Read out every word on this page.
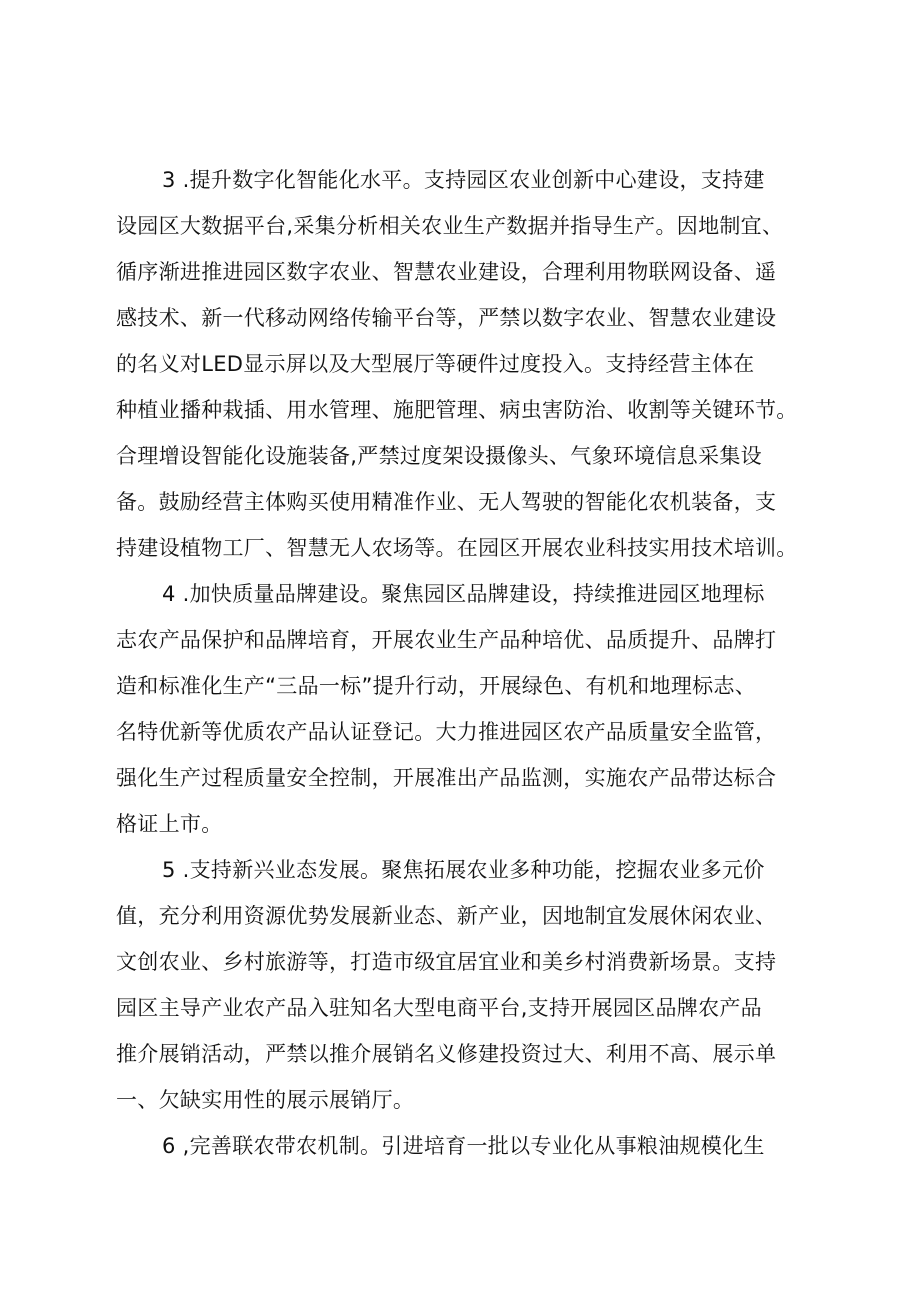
3 .提升数字化智能化水平。支持园区农业创新中心建设，支持建
设园区大数据平台,采集分析相关农业生产数据并指导生产。因地制宜、
循序渐进推进园区数字农业、智慧农业建设，合理利用物联网设备、遥
感技术、新一代移动网络传输平台等，严禁以数字农业、智慧农业建设
的名义对LED显示屏以及大型展厅等硬件过度投入。支持经营主体在
种植业播种栽插、用水管理、施肥管理、病虫害防治、收割等关键环节。
合理增设智能化设施装备,严禁过度架设摄像头、气象环境信息采集设
备。鼓励经营主体购买使用精准作业、无人驾驶的智能化农机装备，支
持建设植物工厂、智慧无人农场等。在园区开展农业科技实用技术培训。
4 .加快质量品牌建设。聚焦园区品牌建设，持续推进园区地理标
志农产品保护和品牌培育，开展农业生产品种培优、品质提升、品牌打
造和标准化生产“三品一标”提升行动，开展绿色、有机和地理标志、
名特优新等优质农产品认证登记。大力推进园区农产品质量安全监管，
强化生产过程质量安全控制，开展准出产品监测，实施农产品带达标合
格证上市。
5 .支持新兴业态发展。聚焦拓展农业多种功能，挖掘农业多元价
值，充分利用资源优势发展新业态、新产业，因地制宜发展休闲农业、
文创农业、乡村旅游等，打造市级宜居宜业和美乡村消费新场景。支持
园区主导产业农产品入驻知名大型电商平台,支持开展园区品牌农产品
推介展销活动，严禁以推介展销名义修建投资过大、利用不高、展示单
一、欠缺实用性的展示展销厅。
6 ,完善联农带农机制。引进培育一批以专业化从事粮油规模化生
